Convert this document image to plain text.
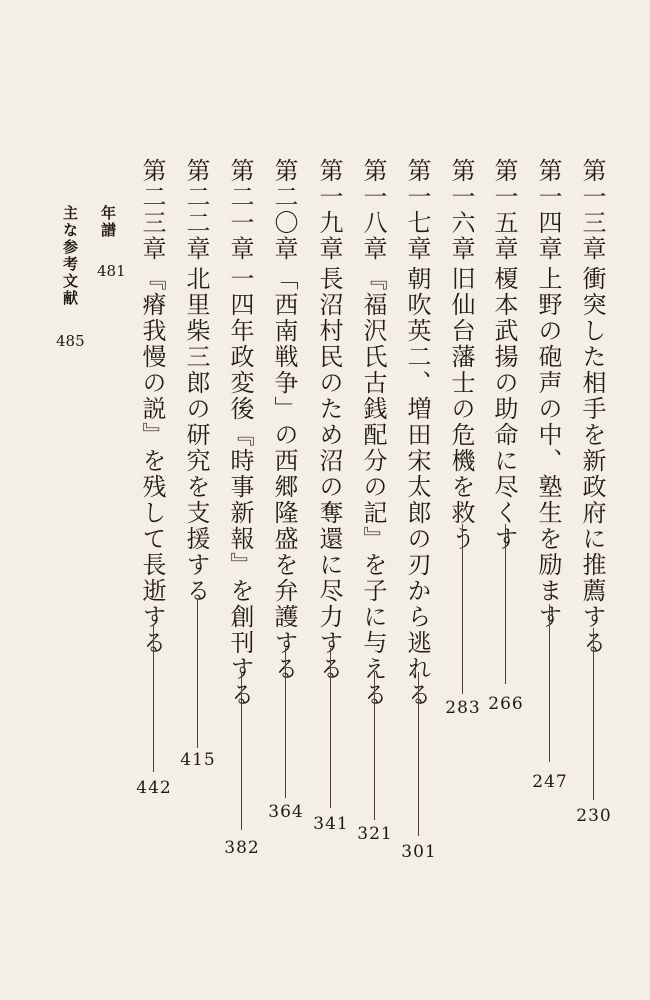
第一三章
衝突した相手を新政府に推薦する
230
第一四章
上野の砲声の中、塾生を励ます
247
第一五章
榎本武揚の助命に尽くす
266
第一六章
旧仙台藩士の危機を救う
283
第一七章
朝吹英二、増田宋太郎の刃から逃れる
301
第一八章
『福沢氏古銭配分の記』を子に与える
321
第一九章
長沼村民のため沼の奪還に尽力する
341
第二〇章
「西南戦争」の西郷隆盛を弁護する
364
第二一章
一四年政変後『時事新報』を創刊する
382
第二二章
北里柴三郎の研究を支援する
415
第二三章
『瘠我慢の説』を残して長逝する
442
年譜
481
主な参考文献
485
